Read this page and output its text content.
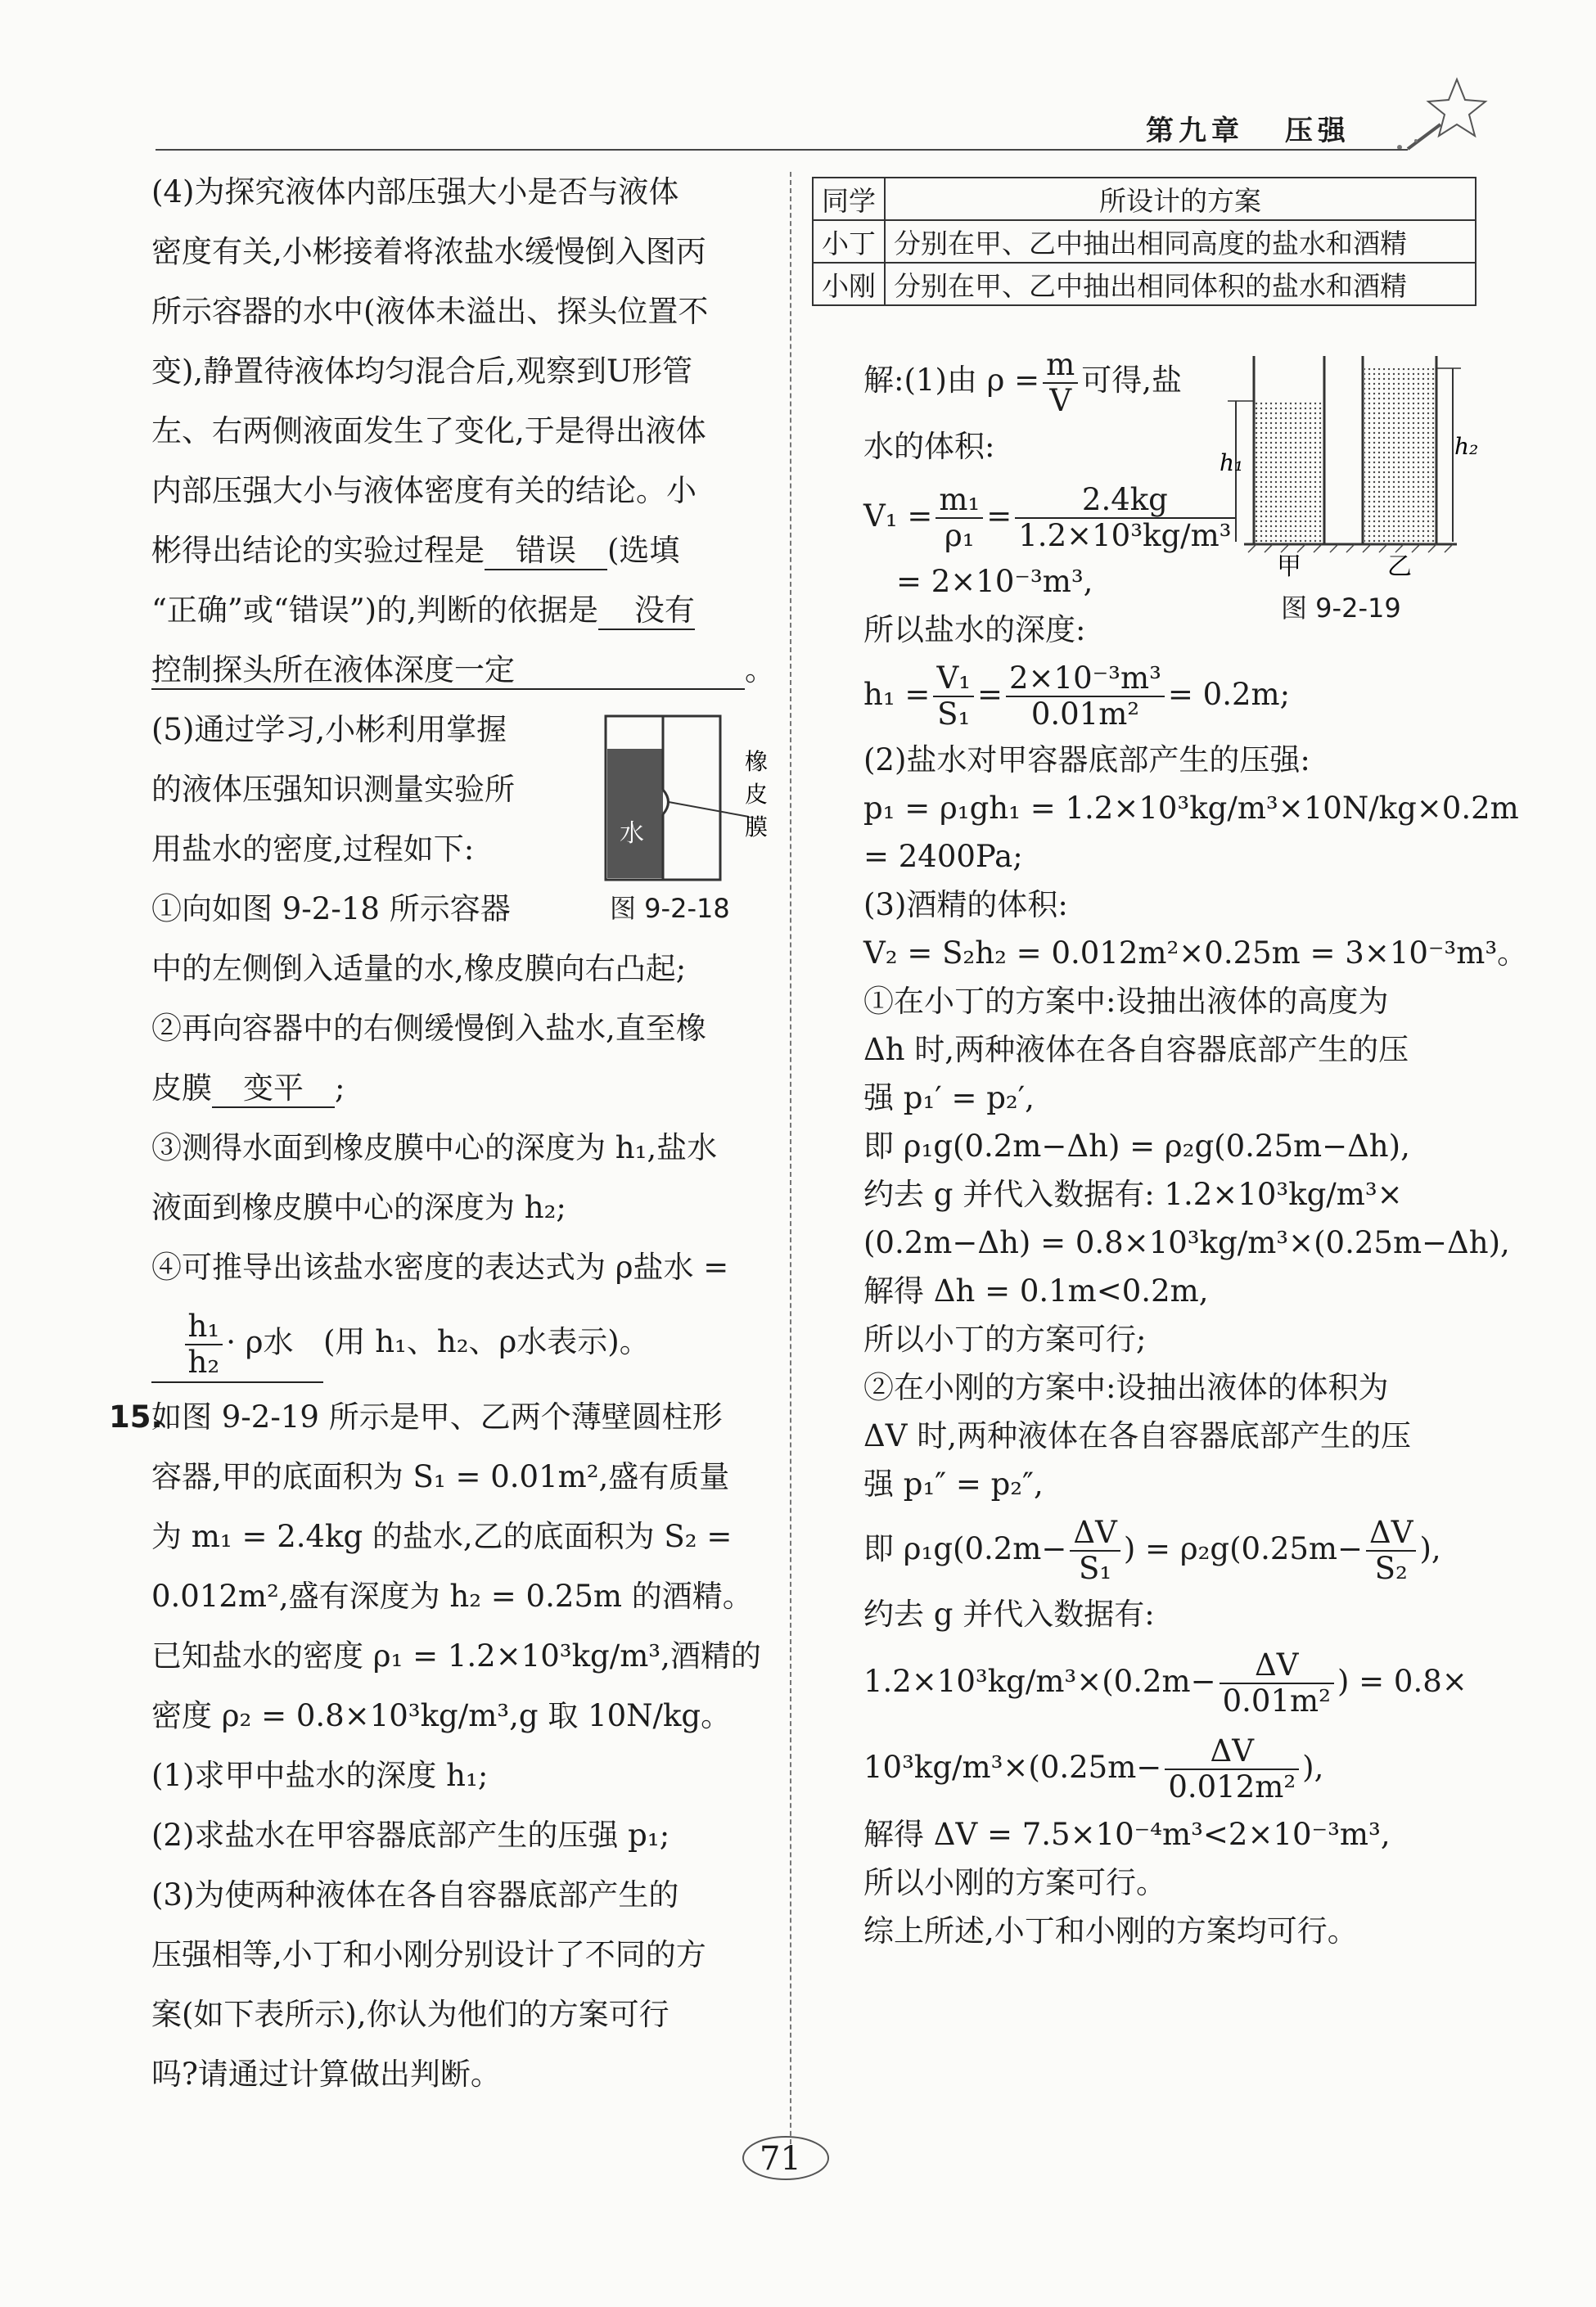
第九章 压强

(4)为探究液体内部压强大小是否与液体

密度有关,小彬接着将浓盐水缓慢倒入图丙

所示容器的水中(液体未溢出、探头位置不

变),静置待液体均匀混合后,观察到U形管

左、右两侧液面发生了变化,于是得出液体

内部压强大小与液体密度有关的结论。小

彬得出结论的实验过程是 错误 (选填

“正确”或“错误”)的,判断的依据是 没有

控制探头所在液体深度一定	。

(5)通过学习,小彬利用掌握

的液体压强知识测量实验所

用盐水的密度,过程如下:

①向如图 9-2-18 所示容器

中的左侧倒入适量的水,橡皮膜向右凸起;

②再向容器中的右侧缓慢倒入盐水,直至橡

皮膜 变平 ;

③测得水面到橡皮膜中心的深度为 h₁,盐水

液面到橡皮膜中心的深度为 h₂;

④可推导出该盐水密度的表达式为 ρ盐水 =

$\frac{\text{h₁}}{\text{h₂}} \cdot \rho$水 (用 h₁、h₂、ρ水表示)。

15.

如图 9-2-19 所示是甲、乙两个薄壁圆柱形

容器,甲的底面积为 S₁ = 0.01m²,盛有质量

为 m₁ = 2.4kg 的盐水,乙的底面积为 S₂ =

0.012m²,盛有深度为 h₂ = 0.25m 的酒精。

已知盐水的密度 ρ₁ = 1.2×10³kg/m³,酒精的

密度 ρ₂ = 0.8×10³kg/m³,g 取 10N/kg。

(1)求甲中盐水的深度 h₁;

(2)求盐水在甲容器底部产生的压强 p₁;

(3)为使两种液体在各自容器底部产生的

压强相等,小丁和小刚分别设计了不同的方

案(如下表所示),你认为他们的方案可行

吗?请通过计算做出判断。

水
橡
皮
膜
图 9-2-18
同学	所设计的方案
小丁	分别在甲、乙中抽出相同高度的盐水和酒精
小刚	分别在甲、乙中抽出相同体积的盐水和酒精
h₁
h₂
甲	乙
图 9-2-19

解:(1)由 $\rho = \frac{m}{V}$ 可得,盐

水的体积:

$V_1 = \frac{\text{m₁}}{\text{ρ₁}} = \frac{2.4kg}{\text{1.2×10³kg/m³}}$

= 2×10⁻³m³,

所以盐水的深度:

$h_1 = \frac{\text{V₁}}{\text{S₁}} = \frac{\text{2×10⁻³m³}}{\text{0.01m²}} = 0.2m$;

(2)盐水对甲容器底部产生的压强:

p₁ = ρ₁gh₁ = 1.2×10³kg/m³×10N/kg×0.2m

= 2400Pa;

(3)酒精的体积:

V₂ = S₂h₂ = 0.012m²×0.25m = 3×10⁻³m³。

①在小丁的方案中:设抽出液体的高度为

Δh 时,两种液体在各自容器底部产生的压

强 p₁′ = p₂′,

即 ρ₁g(0.2m−Δh) = ρ₂g(0.25m−Δh),

约去 g 并代入数据有: 1.2×10³kg/m³×

(0.2m−Δh) = 0.8×10³kg/m³×(0.25m−Δh),

解得 Δh = 0.1m<0.2m,

所以小丁的方案可行;

②在小刚的方案中:设抽出液体的体积为

ΔV 时,两种液体在各自容器底部产生的压

强 p₁″ = p₂″,

即 $\rho_1g(0.2m- \frac{\Delta V}{\text{S₁}}$ ) = $\rho_2g(0.25m- \frac{\Delta V}{\text{S₂}}$ ),

约去 g 并代入数据有:

$1.2\times 10^3kg/m^3\times(0.2m- \frac{\Delta V}{\text{0.01m²}}$ ) = 0.8×

$10^3kg/m^3\times(0.25m- \frac{\Delta V}{\text{0.012m²}}$ ),

解得 ΔV = 7.5×10⁻⁴m³<2×10⁻³m³,

所以小刚的方案可行。

综上所述,小丁和小刚的方案均可行。

71
